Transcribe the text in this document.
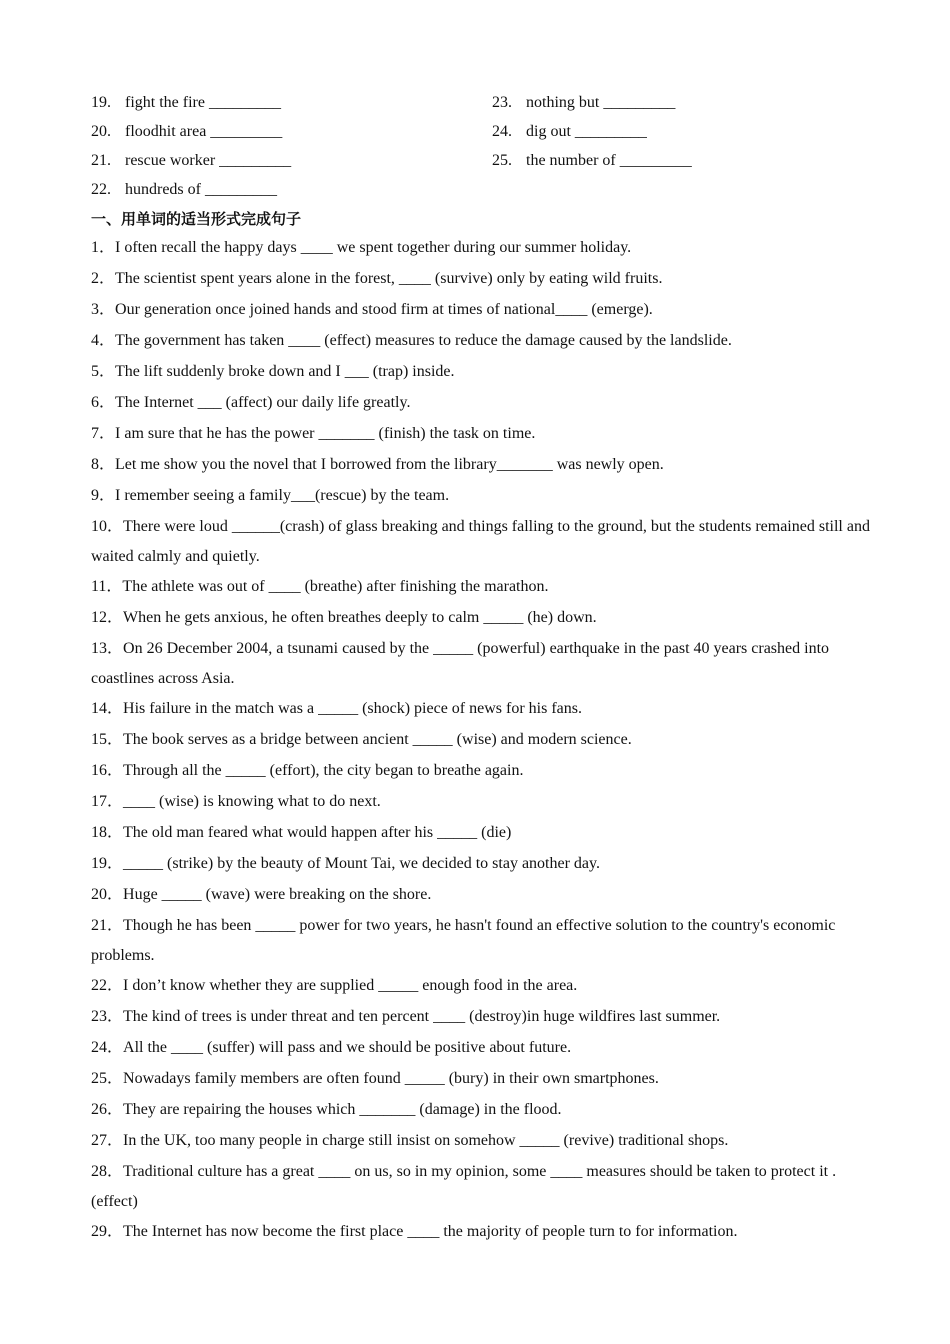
19. fight the fire _________	23. nothing but _________
20. floodhit area _________	24. dig out _________
21. rescue worker _________	25. the number of _________
22. hundreds of _________
一、用单词的适当形式完成句子

1．I often recall the happy days ____ we spent together during our summer holiday.

2．The scientist spent years alone in the forest, ____ (survive) only by eating wild fruits.

3．Our generation once joined hands and stood firm at times of national____ (emerge).

4．The government has taken ____ (effect) measures to reduce the damage caused by the landslide.

5．The lift suddenly broke down and I ___ (trap) inside.

6．The Internet ___ (affect) our daily life greatly.

7．I am sure that he has the power _______ (finish) the task on time.

8．Let me show you the novel that I borrowed from the library_______ was newly open.

9．I remember seeing a family___(rescue) by the team.

10．There were loud ______(crash) of glass breaking and things falling to the ground, but the students remained still and waited calmly and quietly.

11．The athlete was out of ____ (breathe) after finishing the marathon.

12．When he gets anxious, he often breathes deeply to calm _____ (he) down.

13．On 26 December 2004, a tsunami caused by the _____ (powerful) earthquake in the past 40 years crashed into coastlines across Asia.

14．His failure in the match was a _____ (shock) piece of news for his fans.

15．The book serves as a bridge between ancient _____ (wise) and modern science.

16．Through all the _____ (effort), the city began to breathe again.

17．____ (wise) is knowing what to do next.

18．The old man feared what would happen after his _____ (die)

19．_____ (strike) by the beauty of Mount Tai, we decided to stay another day.

20．Huge _____ (wave) were breaking on the shore.

21．Though he has been _____ power for two years, he hasn't found an effective solution to the country's economic problems.

22．I don’t know whether they are supplied _____ enough food in the area.

23．The kind of trees is under threat and ten percent ____ (destroy)in huge wildfires last summer.

24．All the ____ (suffer) will pass and we should be positive about future.

25．Nowadays family members are often found _____ (bury) in their own smartphones.

26．They are repairing the houses which _______ (damage) in the flood.

27．In the UK, too many people in charge still insist on somehow _____ (revive) traditional shops.

28．Traditional culture has a great ____ on us, so in my opinion, some ____ measures should be taken to protect it . (effect)

29．The Internet has now become the first place ____ the majority of people turn to for information.
